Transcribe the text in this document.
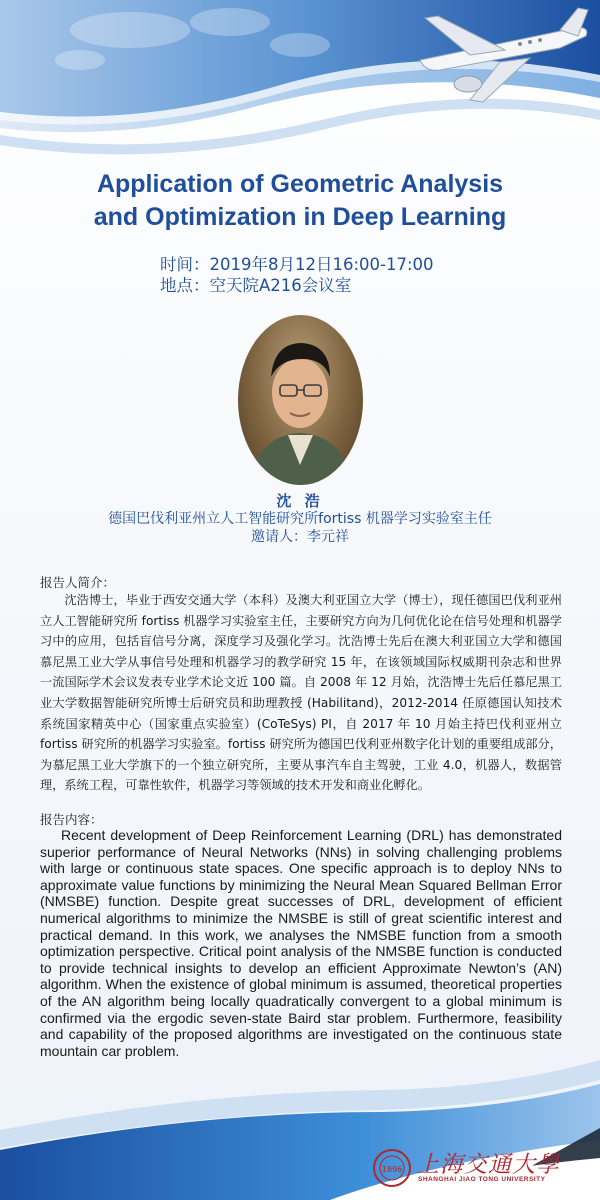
Application of Geometric Analysis
and Optimization in Deep Learning
时间：2019年8月12日16:00-17:00
地点：空天院A216会议室
沈 浩
德国巴伐利亚州立人工智能研究所fortiss 机器学习实验室主任
邀请人：李元祥
报告人简介：
沈浩博士，毕业于西安交通大学（本科）及澳大利亚国立大学（博士），现任德国巴伐利亚州立人工智能研究所 fortiss 机器学习实验室主任，主要研究方向为几何优化论在信号处理和机器学习中的应用，包括盲信号分离，深度学习及强化学习。沈浩博士先后在澳大利亚国立大学和德国慕尼黑工业大学从事信号处理和机器学习的教学研究 15 年，在该领域国际权威期刊杂志和世界一流国际学术会议发表专业学术论文近 100 篇。自 2008 年 12 月始，沈浩博士先后任慕尼黑工业大学数据智能研究所博士后研究员和助理教授 (Habilitand)，2012-2014 任原德国认知技术系统国家精英中心（国家重点实验室）(CoTeSys) PI，自 2017 年 10 月始主持巴伐利亚州立 fortiss 研究所的机器学习实验室。fortiss 研究所为德国巴伐利亚州数字化计划的重要组成部分，为慕尼黑工业大学旗下的一个独立研究所，主要从事汽车自主驾驶，工业 4.0，机器人，数据管理，系统工程，可靠性软件，机器学习等领域的技术开发和商业化孵化。
报告内容：
Recent development of Deep Reinforcement Learning (DRL) has demonstrated superior performance of Neural Networks (NNs) in solving challenging problems with large or continuous state spaces. One specific approach is to deploy NNs to approximate value functions by minimizing the Neural Mean Squared Bellman Error (NMSBE) function. Despite great successes of DRL, development of efficient numerical algorithms to minimize the NMSBE is still of great scientific interest and practical demand. In this work, we analyses the NMSBE function from a smooth optimization perspective. Critical point analysis of the NMSBE function is conducted to provide technical insights to develop an efficient Approximate Newton’s (AN) algorithm. When the existence of global minimum is assumed, theoretical properties of the AN algorithm being locally quadratically convergent to a global minimum is confirmed via the ergodic seven-state Baird star problem. Furthermore, feasibility and capability of the proposed algorithms are investigated on the continuous state mountain car problem.
1896 上海交通大學
SHANGHAI JIAO TONG UNIVERSITY
